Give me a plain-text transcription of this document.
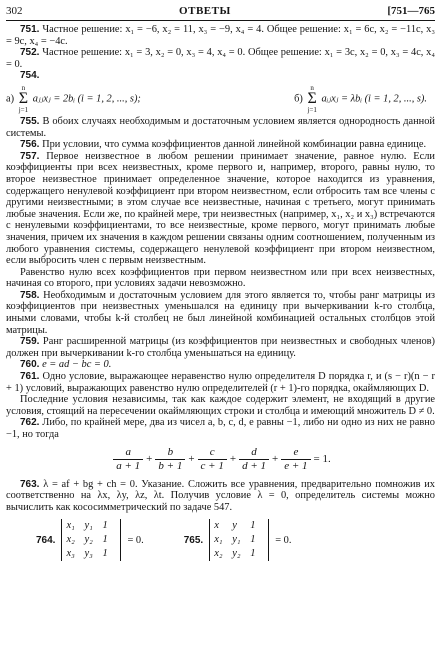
302	ОТВЕТЫ	[751—765

751. Частное решение: x₁ = −6, x₂ = 11, x₃ = −9, x₄ = 4. Общее решение: x₁ = 6c, x₂ = −11c, x₃ = 9c, x₄ = −4c.

752. Частное решение: x₁ = 3, x₂ = 0, x₃ = 4, x₄ = 0. Общее решение: x₁ = 3c, x₂ = 0, x₃ = 4c, x₄ = 0.

754.

а)
n
Σ
j=1
aⱼⱼxⱼ = 2bᵢ (i = 1, 2, ..., s);	б)
n
Σ
j=1
aᵢⱼxⱼ = λbᵢ (i = 1, 2, ..., s).

755. В обоих случаях необходимым и достаточным условием является однородность данной системы.

756. При условии, что сумма коэффициентов данной линейной комбинации равна единице.

757. Первое неизвестное в любом решении принимает значение, равное нулю. Если коэффициенты при всех неизвестных, кроме первого и, например, второго, равны нулю, то второе неизвестное принимает определенное значение, которое находится из уравнения, содержащего ненулевой коэффициент при втором неизвестном, если отбросить там все члены с другими неизвестными; в этом случае все неизвестные, начиная с третьего, могут принимать любые значения. Если же, по крайней мере, три неизвестных (например, x₁, x₂ и x₃) встречаются с ненулевыми коэффициентами, то все неизвестные, кроме первого, могут принимать любые значения, причем их значения в каждом решении связаны одним соотношением, полученным из любого уравнения системы, содержащего ненулевой коэффициент при втором неизвестном, если выбросить член с первым неизвестным.

Равенство нулю всех коэффициентов при первом неизвестном или при всех неизвестных, начиная со второго, при условиях задачи невозможно.

758. Необходимым и достаточным условием для этого является то, чтобы ранг матрицы из коэффициентов при неизвестных уменьшался на единицу при вычеркивании k-го столбца, иными словами, чтобы k-й столбец не был линейной комбинацией остальных столбцов этой матрицы.

759. Ранг расширенной матрицы (из коэффициентов при неизвестных и свободных членов) должен при вычеркивании k-го столбца уменьшаться на единицу.

760. e = ad − bc = 0.

761. Одно условие, выражающее неравенство нулю определителя D порядка r, и (s − r)(n − r + 1) условий, выражающих равенство нулю определителей (r + 1)-го порядка, окаймляющих D.

Последние условия независимы, так как каждое содержит элемент, не входящий в другие условия, стоящий на пересечении окаймляющих строки и столбца и имеющий множитель D ≠ 0.

762. Либо, по крайней мере, два из чисел a, b, c, d, e равны −1, либо ни одно из них не равно −1, но тогда

$\frac{a}{a + 1} + \frac{b}{b + 1} + \frac{c}{c + 1} + \frac{d}{d + 1} + \frac{e}{e + 1} = 1$.

763. λ = af + bg + ch = 0. Указание. Сложить все уравнения, предварительно помножив их соответственно на λx, λy, λz, λt. Получив условие λ = 0, определитель системы можно вычислить как кососимметрический по задаче 547.

764.
x₁ y₁ 1
x₂ y₂ 1
x₃ y₃ 1
= 0.	765.
x	y	1
x₁ y₁ 1
x₂ y₂ 1
= 0.
